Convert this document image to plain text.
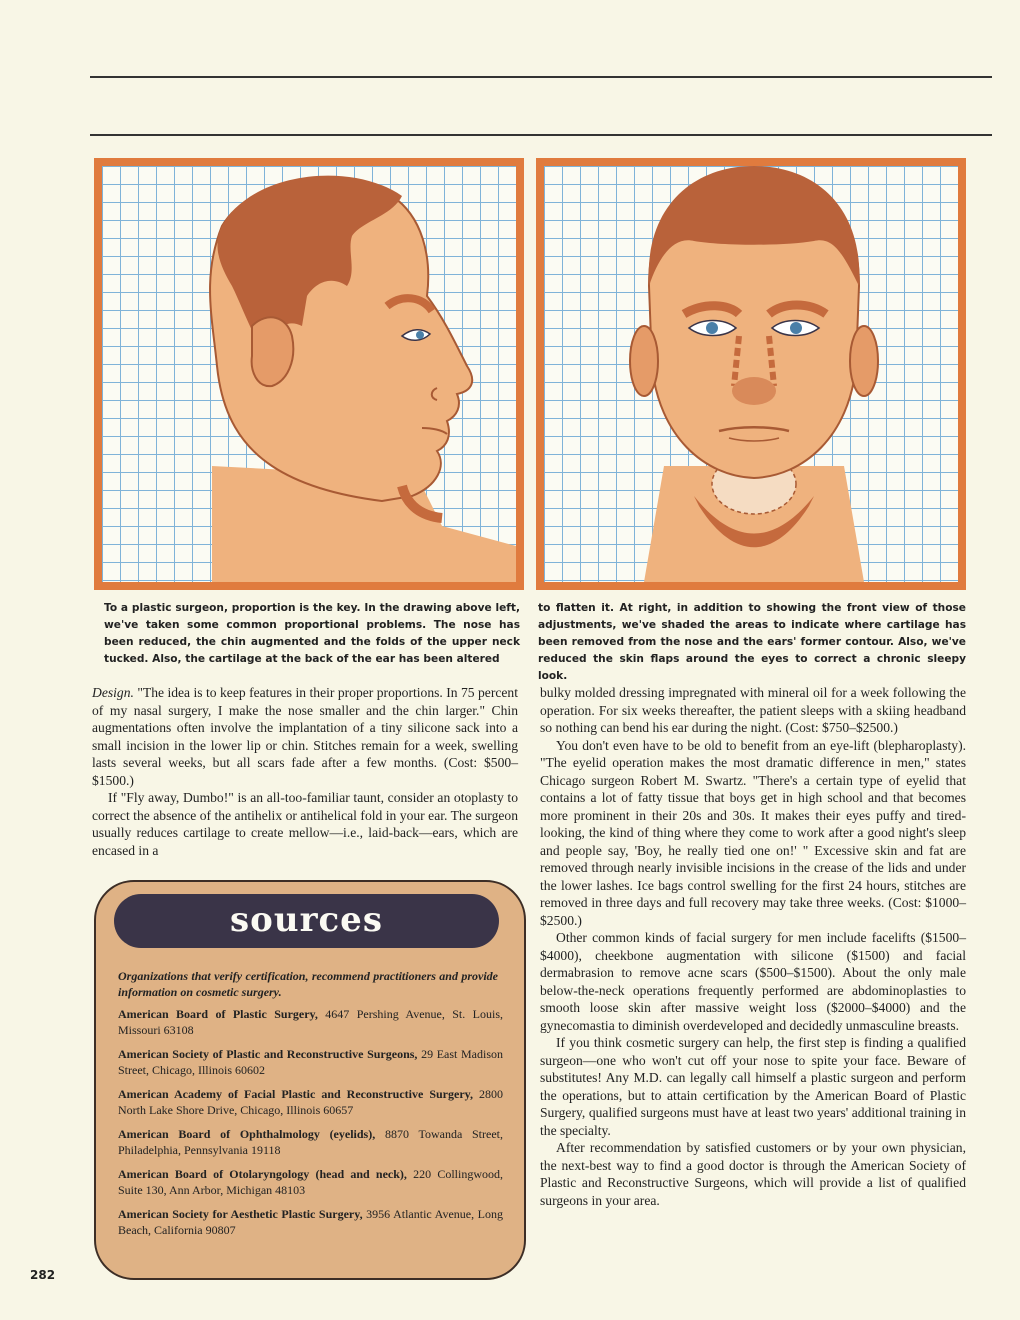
To a plastic surgeon, proportion is the key. In the drawing above left, we've taken some common proportional problems. The nose has been reduced, the chin augmented and the folds of the upper neck tucked. Also, the cartilage at the back of the ear has been altered
to flatten it. At right, in addition to showing the front view of those adjustments, we've shaded the areas to indicate where cartilage has been removed from the nose and the ears' former contour. Also, we've reduced the skin flaps around the eyes to correct a chronic sleepy look.

Design. "The idea is to keep features in their proper proportions. In 75 percent of my nasal surgery, I make the nose smaller and the chin larger." Chin augmentations often involve the implantation of a tiny silicone sack into a small incision in the lower lip or chin. Stitches remain for a week, swelling lasts several weeks, but all scars fade after a few months. (Cost: $500–$1500.)

If "Fly away, Dumbo!" is an all-too-familiar taunt, consider an otoplasty to correct the absence of the antihelix or antihelical fold in your ear. The surgeon usually reduces cartilage to create mellow—i.e., laid-back—ears, which are encased in a

bulky molded dressing impregnated with mineral oil for a week following the operation. For six weeks thereafter, the patient sleeps with a skiing headband so nothing can bend his ear during the night. (Cost: $750–$2500.)

You don't even have to be old to benefit from an eye-lift (blepharoplasty). "The eyelid operation makes the most dramatic difference in men," states Chicago surgeon Robert M. Swartz. "There's a certain type of eyelid that contains a lot of fatty tissue that boys get in high school and that becomes more prominent in their 20s and 30s. It makes their eyes puffy and tired-looking, the kind of thing where they come to work after a good night's sleep and people say, 'Boy, he really tied one on!' " Excessive skin and fat are removed through nearly invisible incisions in the crease of the lids and under the lower lashes. Ice bags control swelling for the first 24 hours, stitches are removed in three days and full recovery may take three weeks. (Cost: $1000–$2500.)

Other common kinds of facial surgery for men include facelifts ($1500–$4000), cheekbone augmentation with silicone ($1500) and facial dermabrasion to remove acne scars ($500–$1500). About the only male below-the-neck operations frequently performed are abdominoplasties to smooth loose skin after massive weight loss ($2000–$4000) and the gynecomastia to diminish overdeveloped and decidedly unmasculine breasts.

If you think cosmetic surgery can help, the first step is finding a qualified surgeon—one who won't cut off your nose to spite your face. Beware of substitutes! Any M.D. can legally call himself a plastic surgeon and perform the operations, but to attain certification by the American Board of Plastic Surgery, qualified surgeons must have at least two years' additional training in the specialty.

After recommendation by satisfied customers or by your own physician, the next-best way to find a good doctor is through the American Society of Plastic and Reconstructive Surgeons, which will provide a list of qualified surgeons in your area.

sources
Organizations that verify certification, recommend practitioners and provide information on cosmetic surgery.
American Board of Plastic Surgery, 4647 Pershing Avenue, St. Louis, Missouri 63108
American Society of Plastic and Reconstructive Surgeons, 29 East Madison Street, Chicago, Illinois 60602
American Academy of Facial Plastic and Reconstructive Surgery, 2800 North Lake Shore Drive, Chicago, Illinois 60657
American Board of Ophthalmology (eyelids), 8870 Towanda Street, Philadelphia, Pennsylvania 19118
American Board of Otolaryngology (head and neck), 220 Collingwood, Suite 130, Ann Arbor, Michigan 48103
American Society for Aesthetic Plastic Surgery, 3956 Atlantic Avenue, Long Beach, California 90807
282
